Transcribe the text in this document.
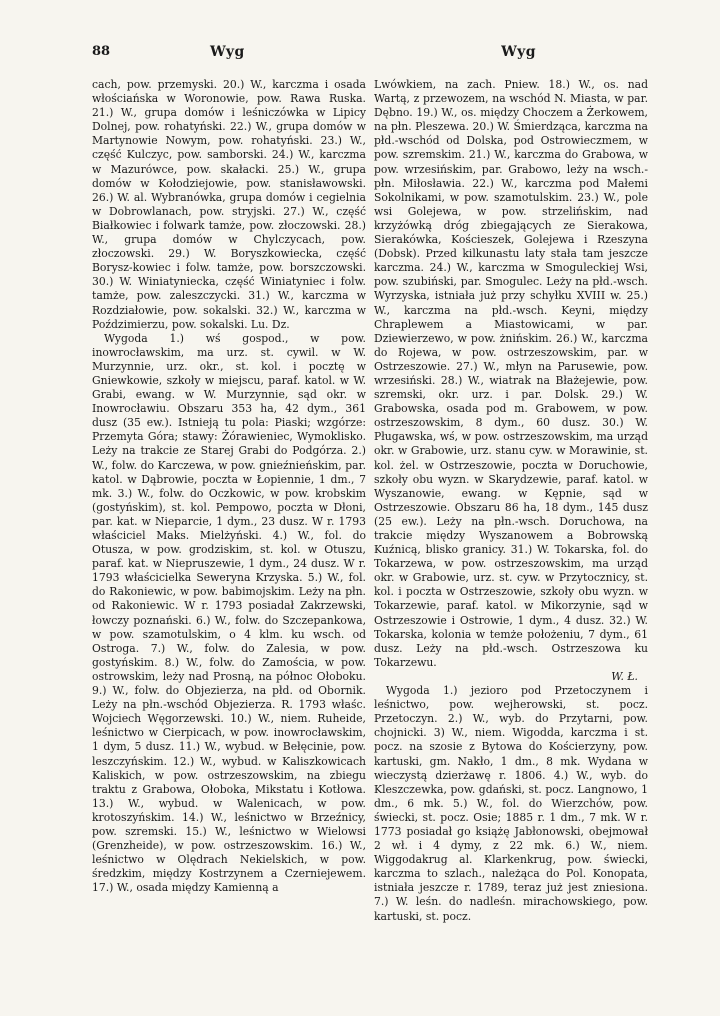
88	Wyg	Wyg

cach, pow. przemyski. 20.) W., karczma i osada włościańska w Woronowie, pow. Rawa Ruska. 21.) W., grupa domów i leśniczówka w Lipicy Dolnej, pow. rohatyński. 22.) W., grupa domów w Martynowie Nowym, pow. rohatyński. 23.) W., część Kulczyc, pow. samborski. 24.) W., karczma w Mazurówce, pow. skałacki. 25.) W., grupa domów w Kołodziejowie, pow. stanisławowski. 26.) W. al. Wybranówka, grupa domów i cegielnia w Dobrowlanach, pow. stryjski. 27.) W., część Białkowiec i folwark tamże, pow. złoczowski. 28.) W., grupa domów w Chylczycach, pow. złoczowski. 29.) W. Boryszkowiecka, część Borysz-kowiec i folw. tamże, pow. borszczowski. 30.) W. Winiatyniecka, część Winiatyniec i folw. tamże, pow. zaleszczycki. 31.) W., karczma w Rozdziałowie, pow. sokalski. 32.) W., karczma w Poździmierzu, pow. sokalski. Lu. Dz.

Wygoda 1.) wś gospod., w pow. inowrocławskim, ma urz. st. cywil. w W. Murzynnie, urz. okr., st. kol. i pocztę w Gniewkowie, szkoły w miejscu, paraf. katol. w W. Grabi, ewang. w W. Murzynnie, sąd okr. w Inowrocławiu. Obszaru 353 ha, 42 dym., 361 dusz (35 ew.). Istnieją tu pola: Piaski; wzgórze: Przemyta Góra; stawy: Żórawieniec, Wymoklisko. Leży na trakcie ze Starej Grabi do Podgórza. 2.) W., folw. do Karczewa, w pow. gnieźnieńskim, par. katol. w Dąbrowie, poczta w Łopiennie, 1 dm., 7 mk. 3.) W., folw. do Oczkowic, w pow. krobskim (gostyńskim), st. kol. Pempowo, poczta w Dłoni, par. kat. w Nieparcie, 1 dym., 23 dusz. W r. 1793 właściciel Maks. Mielżyński. 4.) W., fol. do Otusza, w pow. grodziskim, st. kol. w Otuszu, paraf. kat. w Niepruszewie, 1 dym., 24 dusz. W r. 1793 właścicielka Seweryna Krzyska. 5.) W., fol. do Rakoniewic, w pow. babimojskim. Leży na płn. od Rakoniewic. W r. 1793 posiadał Zakrzewski, łowczy poznański. 6.) W., folw. do Szczepankowa, w pow. szamotulskim, o 4 klm. ku wsch. od Ostroga. 7.) W., folw. do Zalesia, w pow. gostyńskim. 8.) W., folw. do Zamościa, w pow. ostrowskim, leży nad Prosną, na północ Ołoboku. 9.) W., folw. do Objezierza, na płd. od Obornik. Leży na płn.-wschód Objezierza. R. 1793 właśc. Wojciech Węgorzewski. 10.) W., niem. Ruheide, leśnictwo w Cierpicach, w pow. inowrocławskim, 1 dym, 5 dusz. 11.) W., wybud. w Bełęcinie, pow. leszczyńskim. 12.) W., wybud. w Kaliszkowicach Kaliskich, w pow. ostrzeszowskim, na zbiegu traktu z Grabowa, Ołoboka, Mikstatu i Kotłowa. 13.) W., wybud. w Walenicach, w pow. krotoszyńskim. 14.) W., leśnictwo w Brzeźnicy, pow. szremski. 15.) W., leśnictwo w Wielowsi (Grenzheide), w pow. ostrzeszowskim. 16.) W., leśnictwo w Olędrach Nekielskich, w pow. średzkim, między Kostrzynem a Czerniejewem. 17.) W., osada między Kamienną a

Lwówkiem, na zach. Pniew. 18.) W., os. nad Wartą, z przewozem, na wschód N. Miasta, w par. Dębno. 19.) W., os. między Choczem a Żerkowem, na płn. Pleszewa. 20.) W. Śmierdząca, karczma na płd.-wschód od Dolska, pod Ostrowieczmem, w pow. szremskim. 21.) W., karczma do Grabowa, w pow. wrzesińskim, par. Grabowo, leży na wsch.-płn. Miłosławia. 22.) W., karczma pod Małemi Sokolnikami, w pow. szamotulskim. 23.) W., pole wsi Golejewa, w pow. strzelińskim, nad krzyżówką dróg zbiegających ze Sierakowa, Sierakówka, Kościeszek, Golejewa i Rzeszyna (Dobsk). Przed kilkunastu laty stała tam jeszcze karczma. 24.) W., karczma w Smoguleckiej Wsi, pow. szubiński, par. Smogulec. Leży na płd.-wsch. Wyrzyska, istniała już przy schyłku XVIII w. 25.) W., karczma na płd.-wsch. Keyni, między Chraplewem a Miastowicami, w par. Dziewierzewo, w pow. żnińskim. 26.) W., karczma do Rojewa, w pow. ostrzeszowskim, par. w Ostrzeszowie. 27.) W., młyn na Parusewie, pow. wrzesiński. 28.) W., wiatrak na Błażejewie, pow. szremski, okr. urz. i par. Dolsk. 29.) W. Grabowska, osada pod m. Grabowem, w pow. ostrzeszowskim, 8 dym., 60 dusz. 30.) W. Pługawska, wś, w pow. ostrzeszowskim, ma urząd okr. w Grabowie, urz. stanu cyw. w Morawinie, st. kol. żel. w Ostrzeszowie, poczta w Doruchowie, szkoły obu wyzn. w Skarydzewie, paraf. katol. w Wyszanowie, ewang. w Kępnie, sąd w Ostrzeszowie. Obszaru 86 ha, 18 dym., 145 dusz (25 ew.). Leży na płn.-wsch. Doruchowa, na trakcie między Wyszanowem a Bobrowską Kuźnicą, blisko granicy. 31.) W. Tokarska, fol. do Tokarzewa, w pow. ostrzeszowskim, ma urząd okr. w Grabowie, urz. st. cyw. w Przytocznicy, st. kol. i poczta w Ostrzeszowie, szkoły obu wyzn. w Tokarzewie, paraf. katol. w Mikorzynie, sąd w Ostrzeszowie i Ostrowie, 1 dym., 4 dusz. 32.) W. Tokarska, kolonia w temże położeniu, 7 dym., 61 dusz. Leży na płd.-wsch. Ostrzeszowa ku Tokarzewu.

W. Ł.

Wygoda 1.) jezioro pod Przetoczynem i leśnictwo, pow. wejherowski, st. pocz. Przetoczyn. 2.) W., wyb. do Przytarni, pow. chojnicki. 3) W., niem. Wigodda, karczma i st. pocz. na szosie z Bytowa do Kościerzyny, pow. kartuski, gm. Nakło, 1 dm., 8 mk. Wydana w wieczystą dzierżawę r. 1806. 4.) W., wyb. do Kleszczewka, pow. gdański, st. pocz. Langnowo, 1 dm., 6 mk. 5.) W., fol. do Wierzchów, pow. świecki, st. pocz. Osie; 1885 r. 1 dm., 7 mk. W r. 1773 posiadał go książę Jabłonowski, obejmował 2 wł. i 4 dymy, z 22 mk. 6.) W., niem. Wiggodakrug al. Klarkenkrug, pow. świecki, karczma to szlach., należąca do Pol. Konopata, istniała jeszcze r. 1789, teraz już jest zniesiona. 7.) W. leśn. do nadleśn. mirachowskiego, pow. kartuski, st. pocz.
